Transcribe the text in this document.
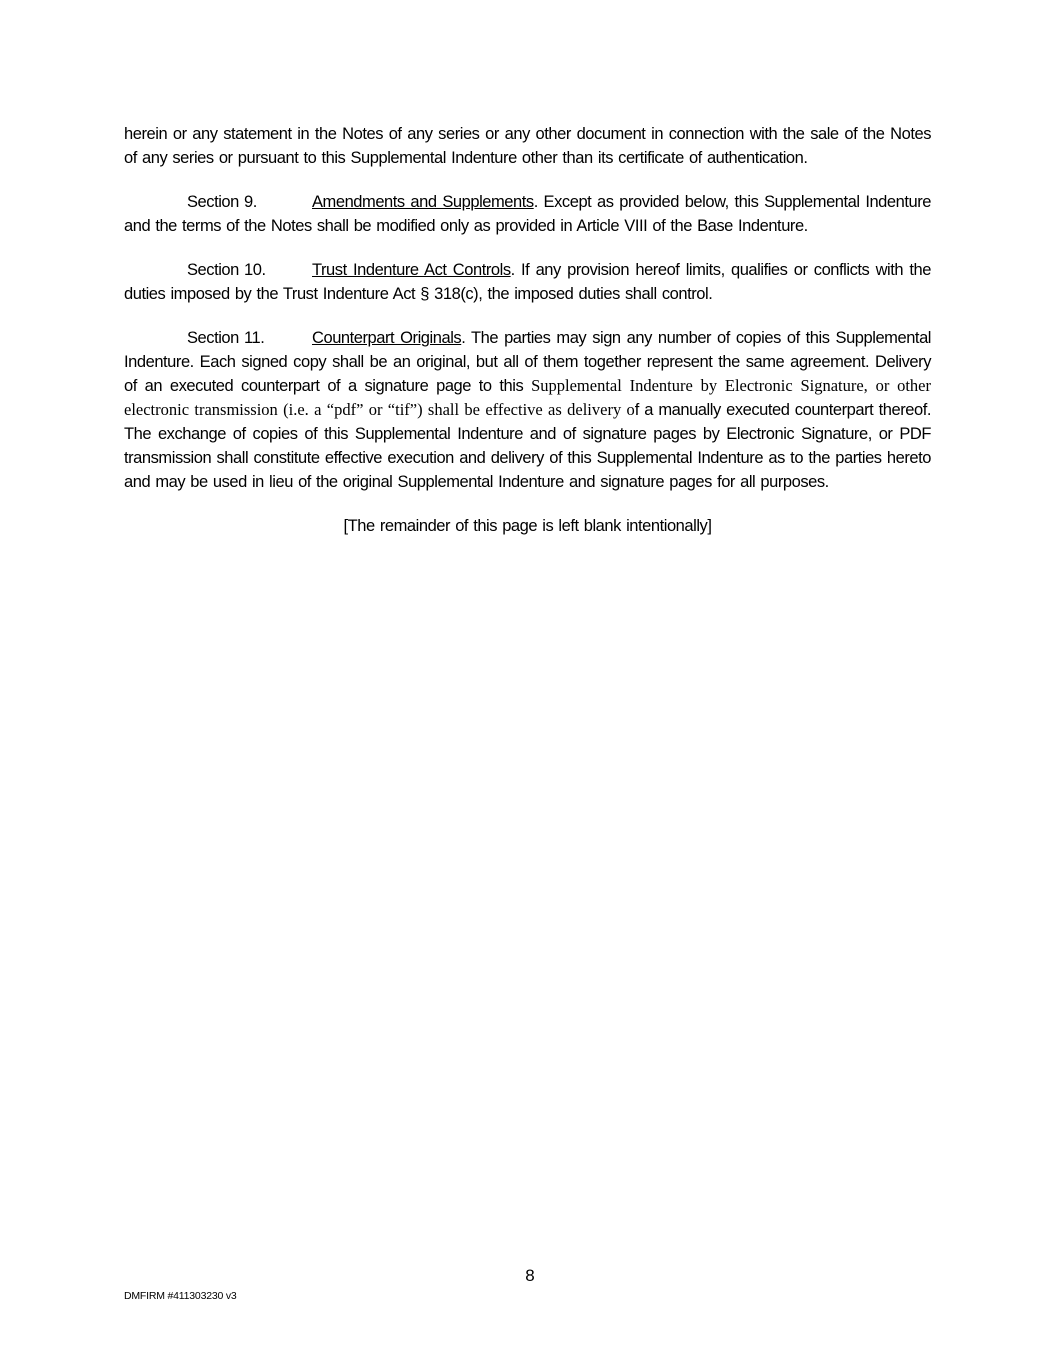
herein or any statement in the Notes of any series or any other document in connection with the sale of the Notes of any series or pursuant to this Supplemental Indenture other than its certificate of authentication.

Section 9.	Amendments and Supplements. Except as provided below, this Supplemental Indenture and the terms of the Notes shall be modified only as provided in Article VIII of the Base Indenture.

Section 10.	Trust Indenture Act Controls. If any provision hereof limits, qualifies or conflicts with the duties imposed by the Trust Indenture Act § 318(c), the imposed duties shall control.

Section 11.	Counterpart Originals. The parties may sign any number of copies of this Supplemental Indenture. Each signed copy shall be an original, but all of them together represent the same agreement. Delivery of an executed counterpart of a signature page to this Supplemental Indenture by Electronic Signature, or other electronic transmission (i.e. a “pdf” or “tif”) shall be effective as delivery of a manually executed counterpart thereof. The exchange of copies of this Supplemental Indenture and of signature pages by Electronic Signature, or PDF transmission shall constitute effective execution and delivery of this Supplemental Indenture as to the parties hereto and may be used in lieu of the original Supplemental Indenture and signature pages for all purposes.

[The remainder of this page is left blank intentionally]

8
DMFIRM #411303230 v3
